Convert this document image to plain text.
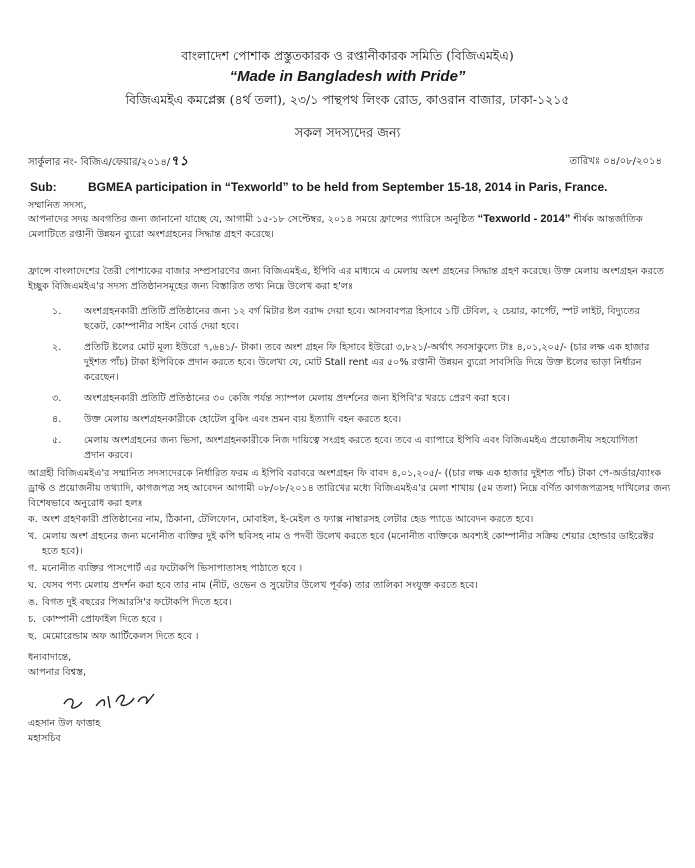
বাংলাদেশ পোশাক প্রস্তুতকারক ও রপ্তানীকারক সমিতি (বিজিএমইএ)
“Made in Bangladesh with Pride”
বিজিএমইএ কমপ্লেক্স (৪র্থ তলা), ২৩/১ পান্থপথ লিংক রোড, কাওরান বাজার, ঢাকা-১২১৫
সকল সদস্যদের জন্য
সার্কুলার নং- বিজিএ/ফেয়ার/২০১৪/৭১	তারিখঃ ০৪/০৮/২০১৪
Sub:	BGMEA participation in “Texworld” to be held from September 15-18, 2014 in Paris, France.
সম্মানিত সদস্য,
আপনাদের সদয় অবগতির জন্য জানানো যাচ্ছে যে, আগামী ১৫-১৮ সেপ্টেম্বর, ২০১৪ সময়ে ফ্রান্সের প্যারিসে অনুষ্ঠিত “Texworld - 2014” শীর্ষক আন্তর্জাতিক মেলাটিতে রপ্তানী উন্নয়ন ব্যুরো অংশগ্রহনের সিদ্ধান্ত গ্রহণ করেছে।
ফ্রান্সে বাংলাদেশের তৈরী পোশাকের বাজার সম্প্রসারণের জন্য বিজিএমইএ, ইপিবি এর মাধ্যমে এ মেলায় অংশ গ্রহনের সিদ্ধান্ত গ্রহণ করেছে। উক্ত মেলায় অংশগ্রহন করতে ইচ্ছুক বিজিএমইএ'র সদস্য প্রতিষ্ঠানসমূহের জন্য বিস্তারিত তথ্য নিম্নে উলেখ করা হ'লঃ
১. অংশগ্রহনকারী প্রতিটি প্রতিষ্ঠানের জন্য ১২ বর্গ মিটার ষ্টল বরাদ্দ দেয়া হবে। আসবাবপত্র হিসাবে ১টি টেবিল, ২ চেয়ার, কার্পেট, স্পট লাইট, বিদ্যুতের ছকেট, কোম্পানীর সাইন বোর্ড দেয়া হবে।
২. প্রতিটি ষ্টলের মোট মূল্য ইউরো ৭,৬৪১/- টাকা। তবে অংশ গ্রহন ফি হিসাবে ইউরো ৩,৮২১/-অর্থাৎ সবসাকুল্যে টাঃ ৪,০১,২০৫/- (চার লক্ষ এক হাজার দুইশত পাঁচ) টাকা ইপিবিকে প্রদান করতে হবে। উলেখ্য যে, মোট Stall rent এর ৫০% রপ্তানী উন্নয়ন ব্যুরো সাবসিডি দিয়ে উক্ত ষ্টলের ভাড়া নির্ধারন করেছেন।
৩. অংশগ্রহনকারী প্রতিটি প্রতিষ্ঠানের ৩০ কেজি পর্যন্ত স্যাম্পল মেলায় প্রদর্শনের জন্য ইপিবি'র খরচে প্রেরণ করা হবে।
৪. উক্ত মেলায় অংশগ্রহনকারীকে হোটেল বুকিং এবং ভ্রমন ব্যয় ইত্যাদি বহন করতে হবে।
৫. মেলায় অংশগ্রহনের জন্য ভিসা, অংশগ্রহনকারীকে নিজ দায়িত্বে সংগ্রহ করতে হবে। তবে এ ব্যাপারে ইপিবি এবং বিজিএমইএ প্রয়োজনীয় সহযোগিতা প্রদান করবে।
আগ্রহী বিজিএমইএ'র সম্মানিত সদস্যদেরকে নির্ধারিত ফরম এ ইপিবি বরাবরে অংশগ্রহন ফি বাবদ ৪,০১,২০৫/- ((চার লক্ষ এক হাজার দুইশত পাঁচ) টাকা পে-অর্ডার/ব্যাংক ড্রাফ্ট ও প্রয়োজনীয় তথ্যাদি, কাগজপত্র সহ আবেদন আগামী ০৮/০৮/২০১৪ তারিখের মধ্যে বিজিএমইএ'র মেলা শাখায় (৫ম তলা) নিম্নে বর্ণিত কাগজপত্রসহ দাখিলের জন্য বিশেষভাবে অনুরোধ করা হলঃ
ক. অংশ গ্রহণকারী প্রতিষ্ঠানের নাম, ঠিকানা, টেলিফোন, মোবাইল, ই-মেইল ও ফ্যাক্স নাম্বারসহ লেটার হেড প্যাডে আবেদন করতে হবে।
খ. মেলায় অংশ গ্রহনের জন্য মনোনীত ব্যক্তির দুই কপি ছবিসহ নাম ও পদবী উলেখ করতে হবে (মনোনীত ব্যক্তিকে অবশ্যই কোম্পানীর সক্রিয় শেয়ার হোল্ডার ডাইরেক্টর হতে হবে)।
গ. মনোনীত ব্যক্তির পাসপোর্ট এর ফটোকপি ভিসাপাতাসহ পাঠাতে হবে ।
ঘ. যেসব পণ্য মেলায় প্রদর্শন করা হবে তার নাম (নীট, ওভেন ও সুয়েটার উলেখ পূর্বক) তার তালিকা সংযুক্ত করতে হবে।
ঙ. বিগত দুই বছরের পিআরসি'র ফটোকপি দিতে হবে।
চ. কোম্পানী প্রোফাইল দিতে হবে ।
ছ. মেমোরেন্ডাম অফ আর্টিকেলস দিতে হবে ।
ধন্যবাদান্তে,
আপনার বিশ্বস্ত,
এহসান উল ফাত্তাহ
মহাসচিব
